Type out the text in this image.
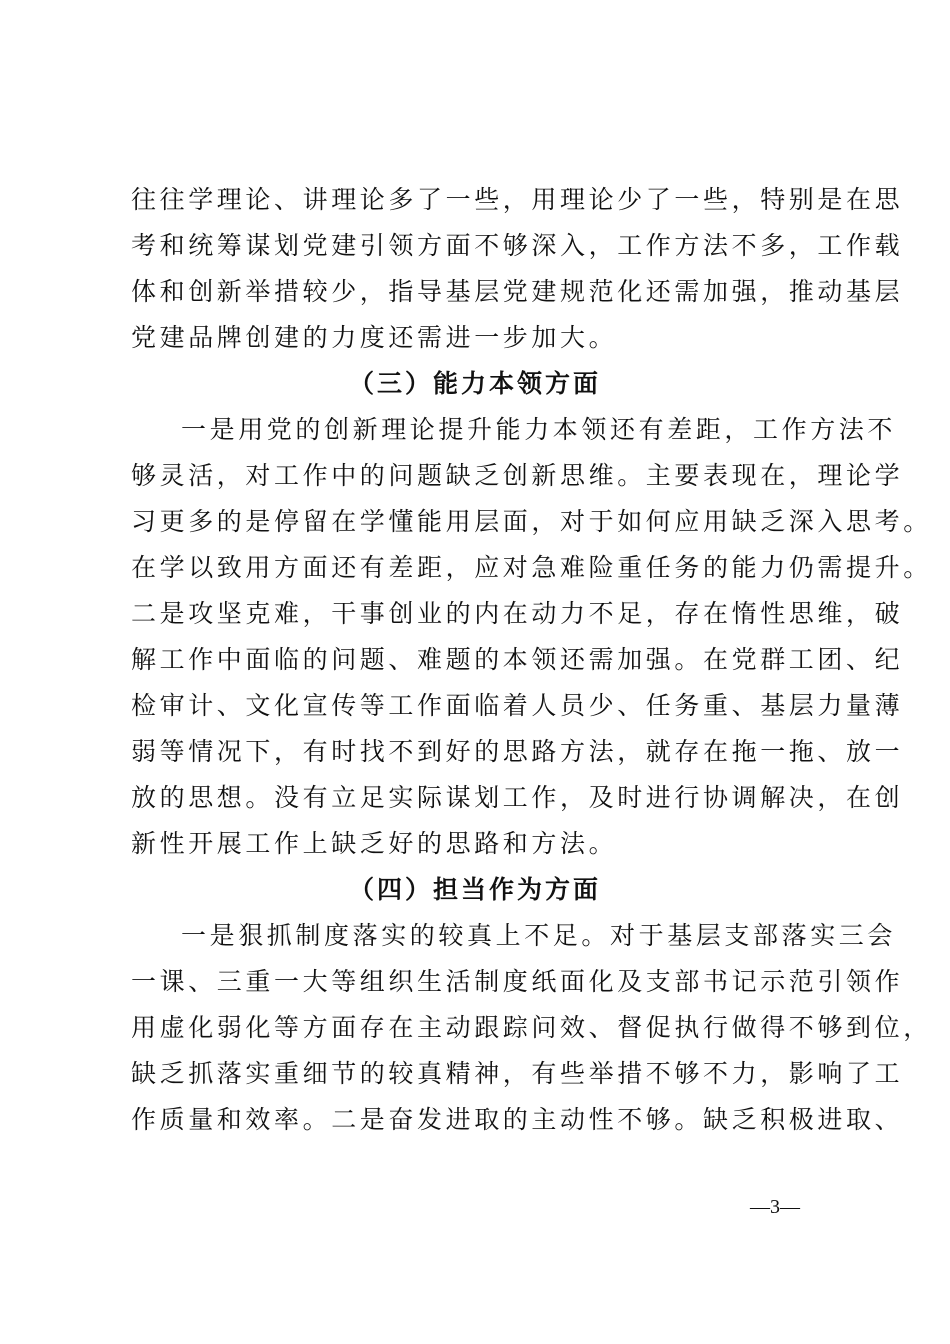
往往学理论、讲理论多了一些，用理论少了一些，特别是在思
考和统筹谋划党建引领方面不够深入，工作方法不多，工作载
体和创新举措较少，指导基层党建规范化还需加强，推动基层
党建品牌创建的力度还需进一步加大。
（三）能力本领方面
一是用党的创新理论提升能力本领还有差距，工作方法不
够灵活，对工作中的问题缺乏创新思维。主要表现在，理论学
习更多的是停留在学懂能用层面，对于如何应用缺乏深入思考。
在学以致用方面还有差距，应对急难险重任务的能力仍需提升。
二是攻坚克难，干事创业的内在动力不足，存在惰性思维，破
解工作中面临的问题、难题的本领还需加强。在党群工团、纪
检审计、文化宣传等工作面临着人员少、任务重、基层力量薄
弱等情况下，有时找不到好的思路方法，就存在拖一拖、放一
放的思想。没有立足实际谋划工作，及时进行协调解决，在创
新性开展工作上缺乏好的思路和方法。
（四）担当作为方面
一是狠抓制度落实的较真上不足。对于基层支部落实三会
一课、三重一大等组织生活制度纸面化及支部书记示范引领作
用虚化弱化等方面存在主动跟踪问效、督促执行做得不够到位，
缺乏抓落实重细节的较真精神，有些举措不够不力，影响了工
作质量和效率。二是奋发进取的主动性不够。缺乏积极进取、
—3—
